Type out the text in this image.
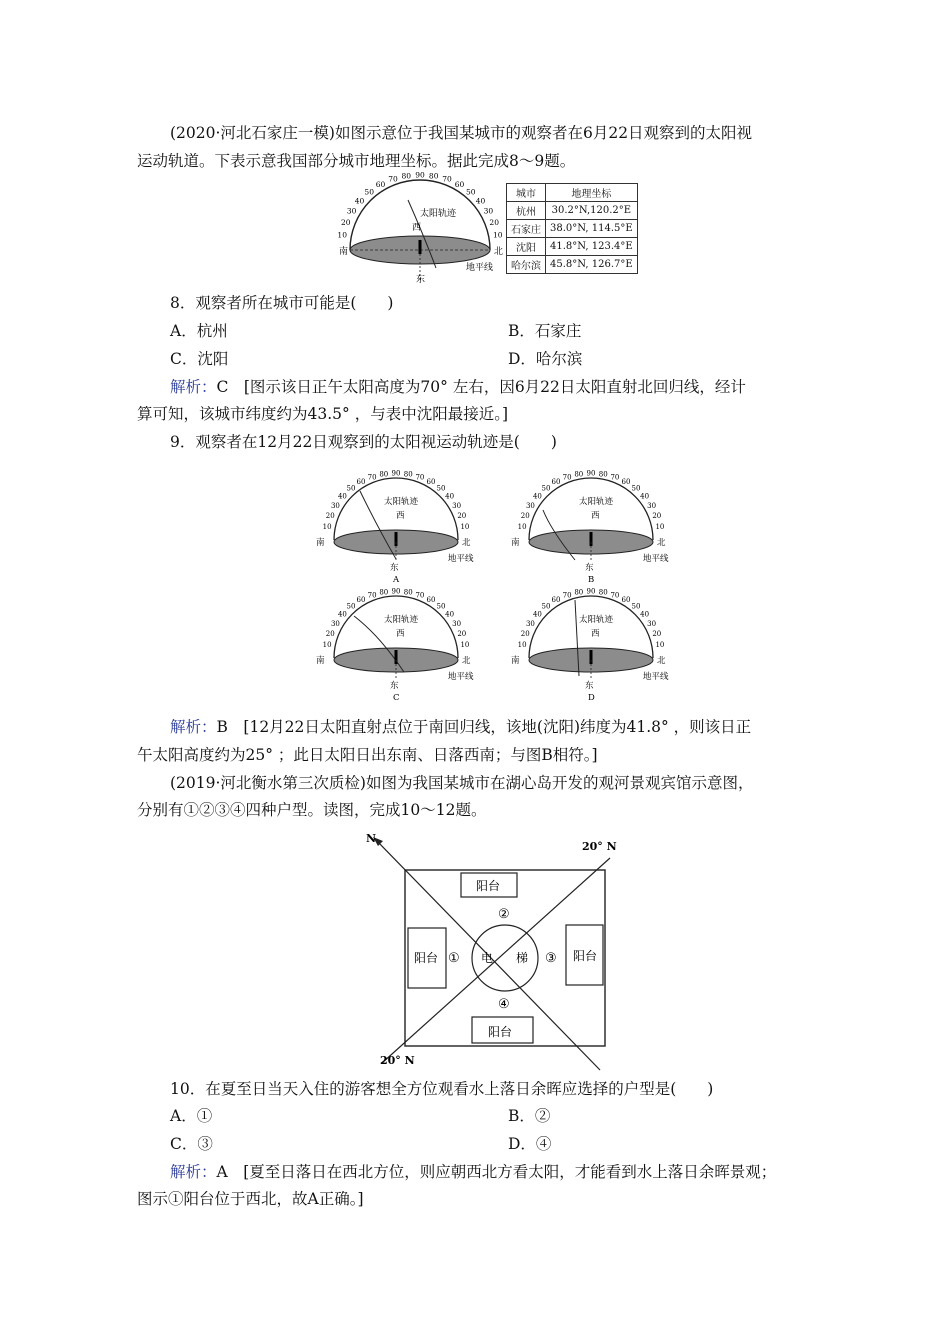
(2020·河北石家庄一模)如图示意位于我国某城市的观察者在6月22日观察到的太阳视
运动轨道。下表示意我国部分城市地理坐标。据此完成8～9题。
太阳轨迹
西
南	北
东
地平线
10
20
30
40
50
60
70 80 90 80 70
60
50
40
30
20
10
城市	地理坐标
杭州	30.2°N,120.2°E
石家庄	38.0°N, 114.5°E
沈阳	41.8°N, 123.4°E
哈尔滨	45.8°N, 126.7°E
8．观察者所在城市可能是(　　)
A．杭州	B．石家庄
C．沈阳	D．哈尔滨
解析：C　[图示该日正午太阳高度为70° 左右，因6月22日太阳直射北回归线，经计
算可知，该城市纬度约为43.5° ，与表中沈阳最接近。]
9．观察者在12月22日观察到的太阳视运动轨迹是(　　)
10
20
30
40
50
60
70 80 90 80 70
60
50
40
30
20
10
太阳轨迹
西
南	北
东
地平线
A
10
20
30
40
50
60
70 80 90 80 70
60
50
40
30
20
10
太阳轨迹
西
南	北
东
地平线
B
10
20
30
40
50
60
70 80 90 80 70
60
50
40
30
20
10
太阳轨迹
西
南	北
东
地平线
C
10
20
30
40
50
60
70 80 90 80 70
60
50
40
30
20
10
太阳轨迹
西
南	北
东
地平线
D
解析：B　[12月22日太阳直射点位于南回归线，该地(沈阳)纬度为41.8° ，则该日正
午太阳高度约为25° ；此日太阳日出东南、日落西南；与图B相符。]
(2019·河北衡水第三次质检)如图为我国某城市在湖心岛开发的观河景观宾馆示意图，
分别有①②③④四种户型。读图，完成10～12题。
N
20° N
20° N
阳台
阳台	阳台
阳台
②
①	③
④
电 梯
10．在夏至日当天入住的游客想全方位观看水上落日余晖应选择的户型是(　　)
A．①	B．②
C．③	D．④
解析：A　[夏至日落日在西北方位，则应朝西北方看太阳，才能看到水上落日余晖景观；
图示①阳台位于西北，故A正确。]
